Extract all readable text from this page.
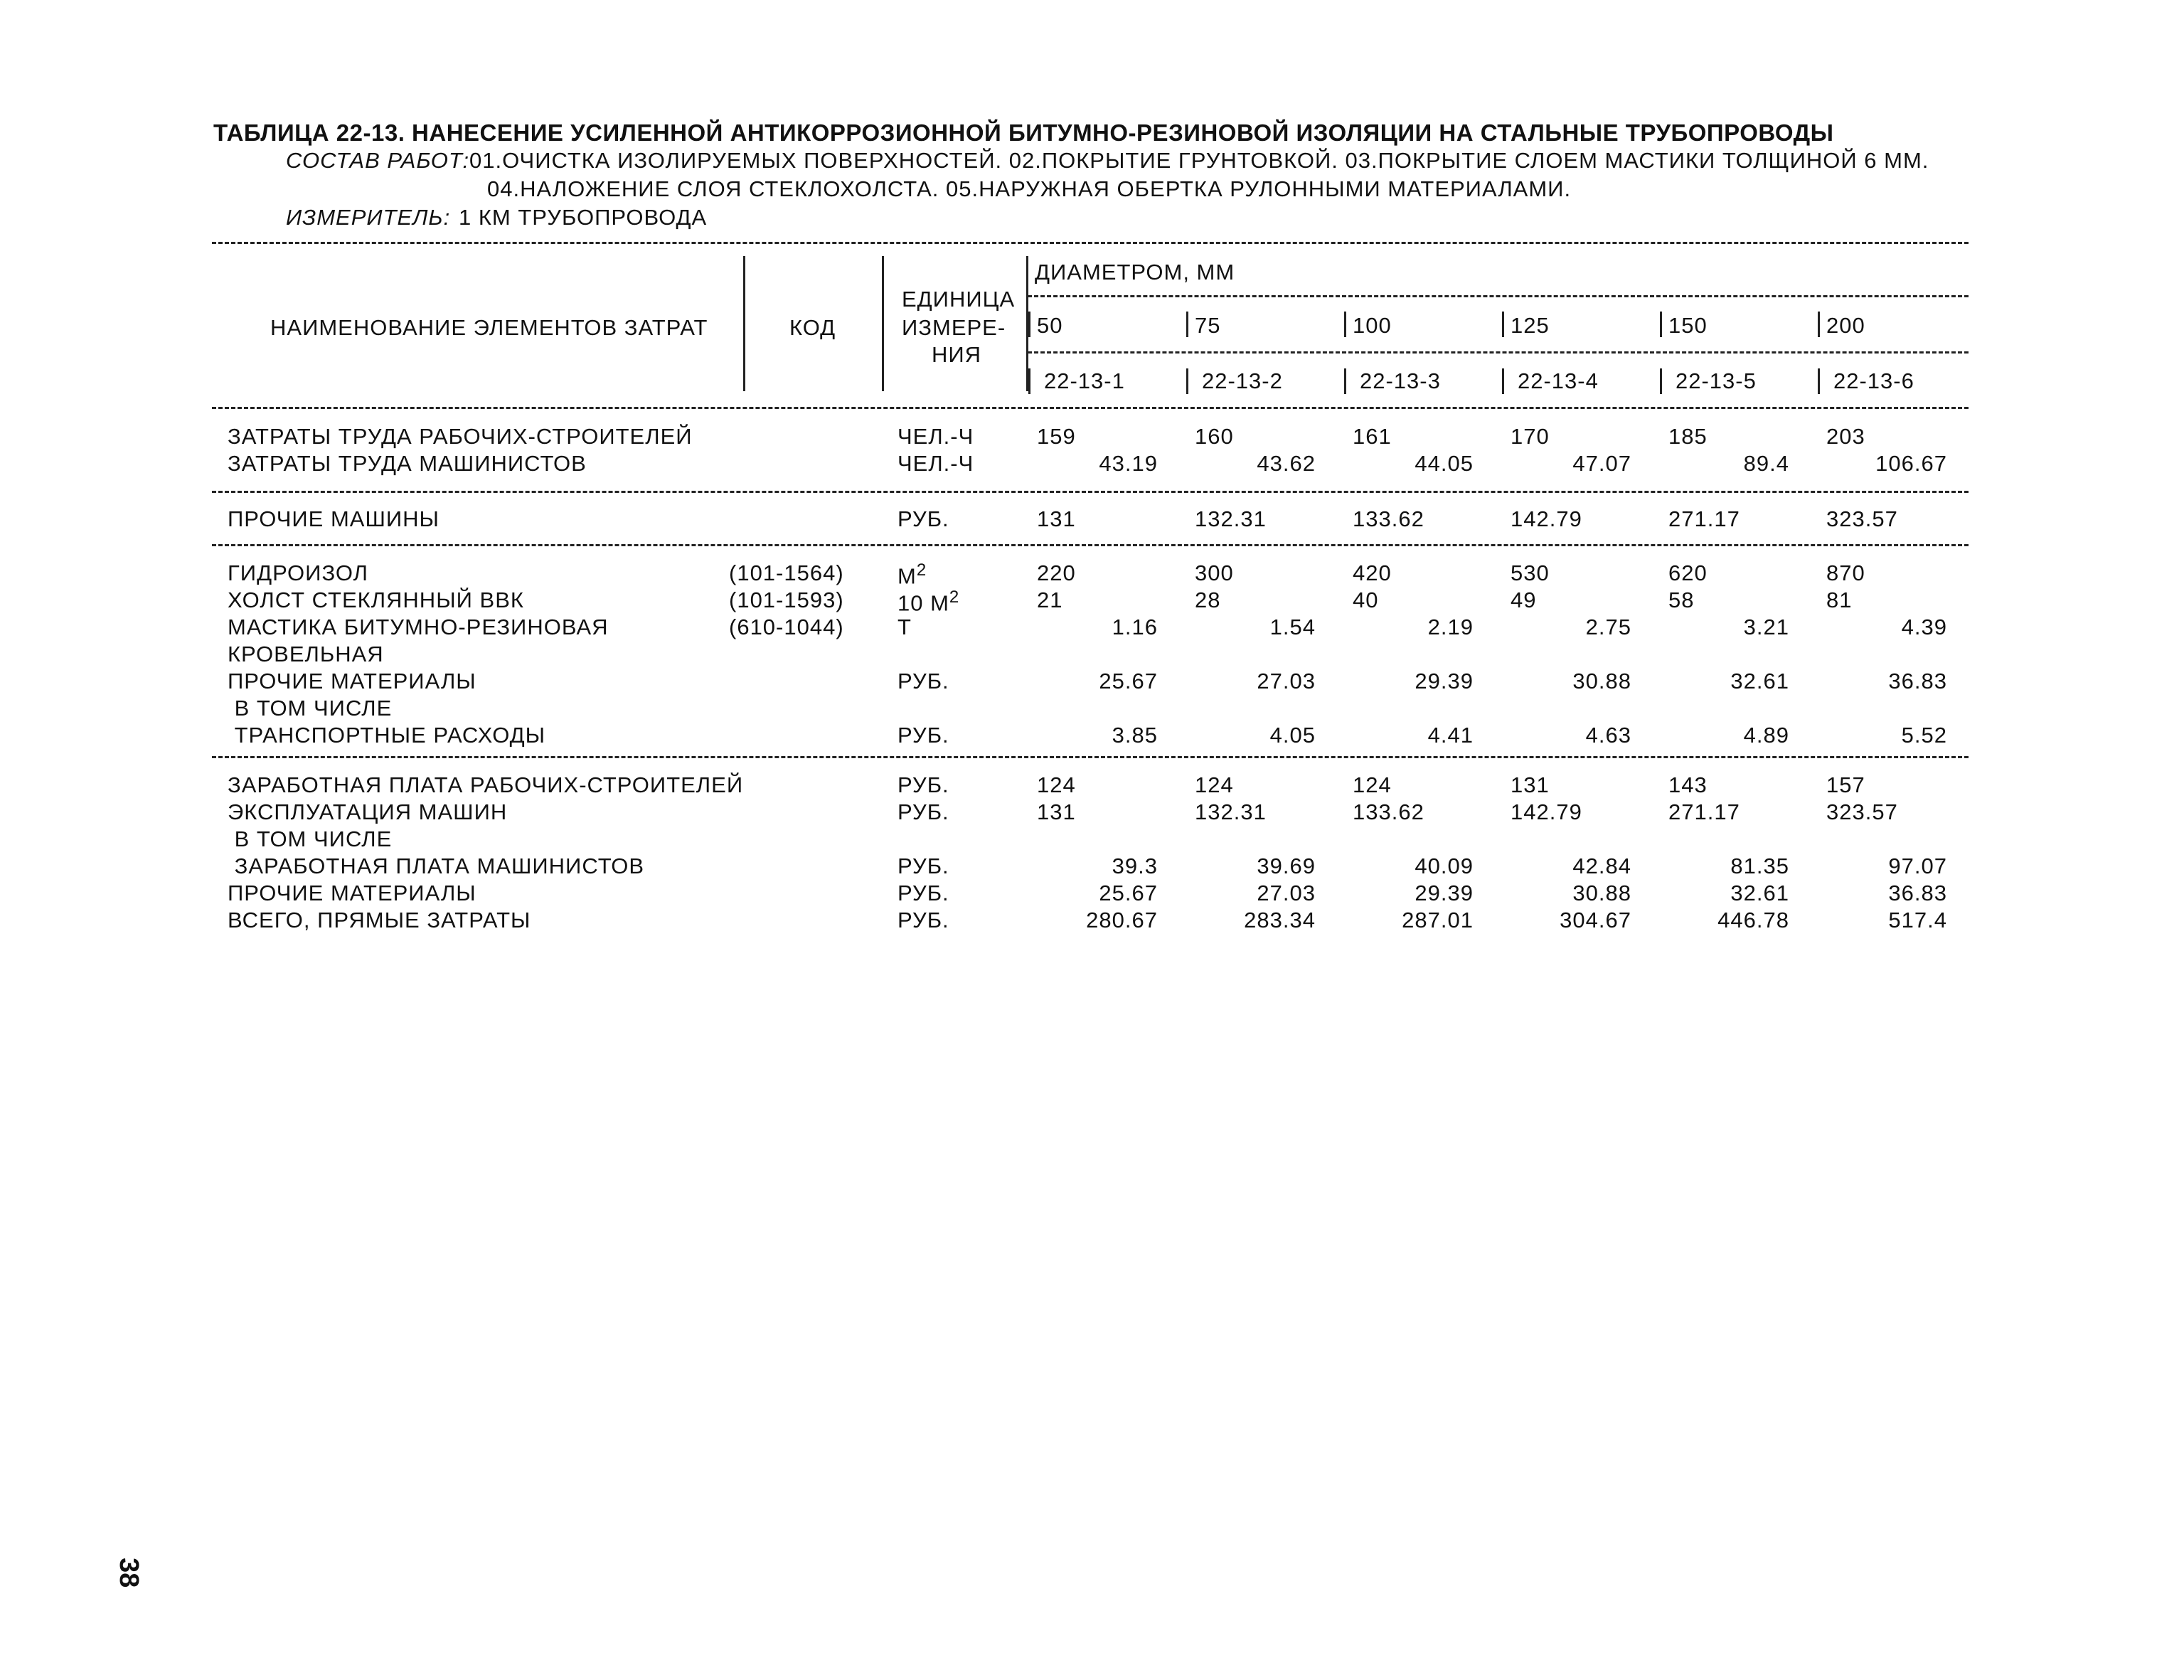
ТАБЛИЦА 22-13. НАНЕСЕНИЕ УСИЛЕННОЙ АНТИКОРРОЗИОННОЙ БИТУМНО-РЕЗИНОВОЙ ИЗОЛЯЦИИ НА СТАЛЬНЫЕ ТРУБОПРОВОДЫ
СОСТАВ РАБОТ: 01.ОЧИСТКА ИЗОЛИРУЕМЫХ ПОВЕРХНОСТЕЙ. 02.ПОКРЫТИЕ ГРУНТОВКОЙ. 03.ПОКРЫТИЕ СЛОЕМ МАСТИКИ ТОЛЩИНОЙ 6 ММ.
04.НАЛОЖЕНИЕ СЛОЯ СТЕКЛОХОЛСТА. 05.НАРУЖНАЯ ОБЕРТКА РУЛОННЫМИ МАТЕРИАЛАМИ.
ИЗМЕРИТЕЛЬ: 1 КМ ТРУБОПРОВОДА
НАИМЕНОВАНИЕ ЭЛЕМЕНТОВ ЗАТРАТ	КОД
ЕДИНИЦА
ИЗМЕРЕ-
НИЯ
ДИАМЕТРОМ, ММ
50	75	100	125	150	200
22-13-1	22-13-2	22-13-3	22-13-4	22-13-5	22-13-6
ЗАТРАТЫ ТРУДА РАБОЧИХ-СТРОИТЕЛЕЙ	ЧЕЛ.-Ч	159	160	161	170	185	203
ЗАТРАТЫ ТРУДА МАШИНИСТОВ	ЧЕЛ.-Ч	43.19	43.62	44.05	47.07	89.4	106.67
ПРОЧИЕ МАШИНЫ	РУБ.	131	132.31	133.62	142.79	271.17	323.57
ГИДРОИЗОЛ	(101-1564) $М^2$	220	300	420	530	620	870
ХОЛСТ СТЕКЛЯННЫЙ ВВК	(101-1593) 10 $М^2$	21	28	40	49	58	81
МАСТИКА БИТУМНО-РЕЗИНОВАЯ	(610-1044) Т	1.16	1.54	2.19	2.75	3.21	4.39
КРОВЕЛЬНАЯ
ПРОЧИЕ МАТЕРИАЛЫ	РУБ.	25.67	27.03	29.39	30.88	32.61	36.83
В ТОМ ЧИСЛЕ
ТРАНСПОРТНЫЕ РАСХОДЫ	РУБ.	3.85	4.05	4.41	4.63	4.89	5.52
ЗАРАБОТНАЯ ПЛАТА РАБОЧИХ-СТРОИТЕЛЕЙ	РУБ.	124	124	124	131	143	157
ЭКСПЛУАТАЦИЯ МАШИН	РУБ.	131	132.31	133.62	142.79	271.17	323.57
В ТОМ ЧИСЛЕ
ЗАРАБОТНАЯ ПЛАТА МАШИНИСТОВ	РУБ.	39.3	39.69	40.09	42.84	81.35	97.07
ПРОЧИЕ МАТЕРИАЛЫ	РУБ.	25.67	27.03	29.39	30.88	32.61	36.83
ВСЕГО, ПРЯМЫЕ ЗАТРАТЫ	РУБ.	280.67	283.34	287.01	304.67	446.78	517.4
38
